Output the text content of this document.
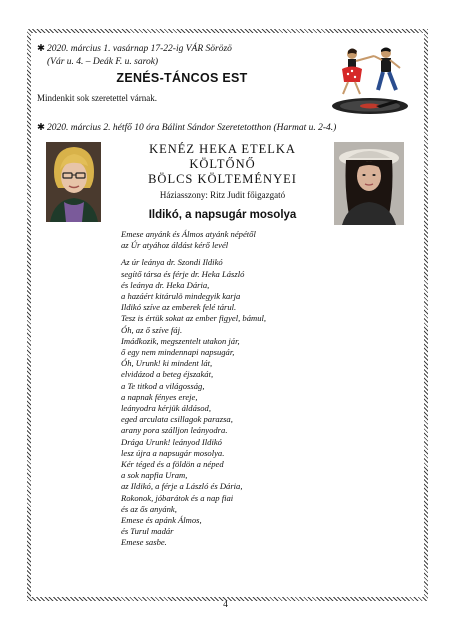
✱ 2020. március 1. vasárnap 17-22-ig VÁR Sörözö
(Vár u. 4. – Deák F. u. sarok)
ZENÉS-TÁNCOS EST
Mindenkit sok szeretettel várnak.
✱ 2020. március 2. hétfő 10 óra Bálint Sándor Szeretetotthon (Harmat u. 2-4.)
KENÉZ HEKA ETELKA
KÖLTŐNŐ
BÖLCS KÖLTEMÉNYEI
Háziasszony: Ritz Judit főigazgató
Ildikó, a napsugár mosolya
Emese anyánk és Álmos atyánk népétől
az Úr atyához áldást kérő levél
Az úr leánya dr. Szondi Ildikó
segítő társa és férje dr. Heka László
és leánya dr. Heka Dária,
a hazáért kitárulö mindegyik karja
Ildikó szíve az emberek felé tárul.
Tesz is értük sokat az ember figyel, bámul,
Óh, az ő szíve fáj.
Imádkozik, megszentelt utakon jár,
ő egy nem mindennapi napsugár,
Óh, Urunk! ki mindent lát,
elvidázod a beteg éjszakát,
a Te titkod a világosság,
a napnak fényes ereje,
leányodra kérjük áldásod,
eged arculata csillagok parazsa,
arany pora szálljon leányodra.
Drága Urunk! leányod Ildikó
lesz újra a napsugár mosolya.
Kér téged és a földön a néped
a sok napfia Uram,
az Ildikó, a férje a László és Dária,
Rokonok, jóbarátok és a nap fiai
és az ős anyánk,
Emese és apánk Álmos,
és Turul madár
Emese sasbe.
4
